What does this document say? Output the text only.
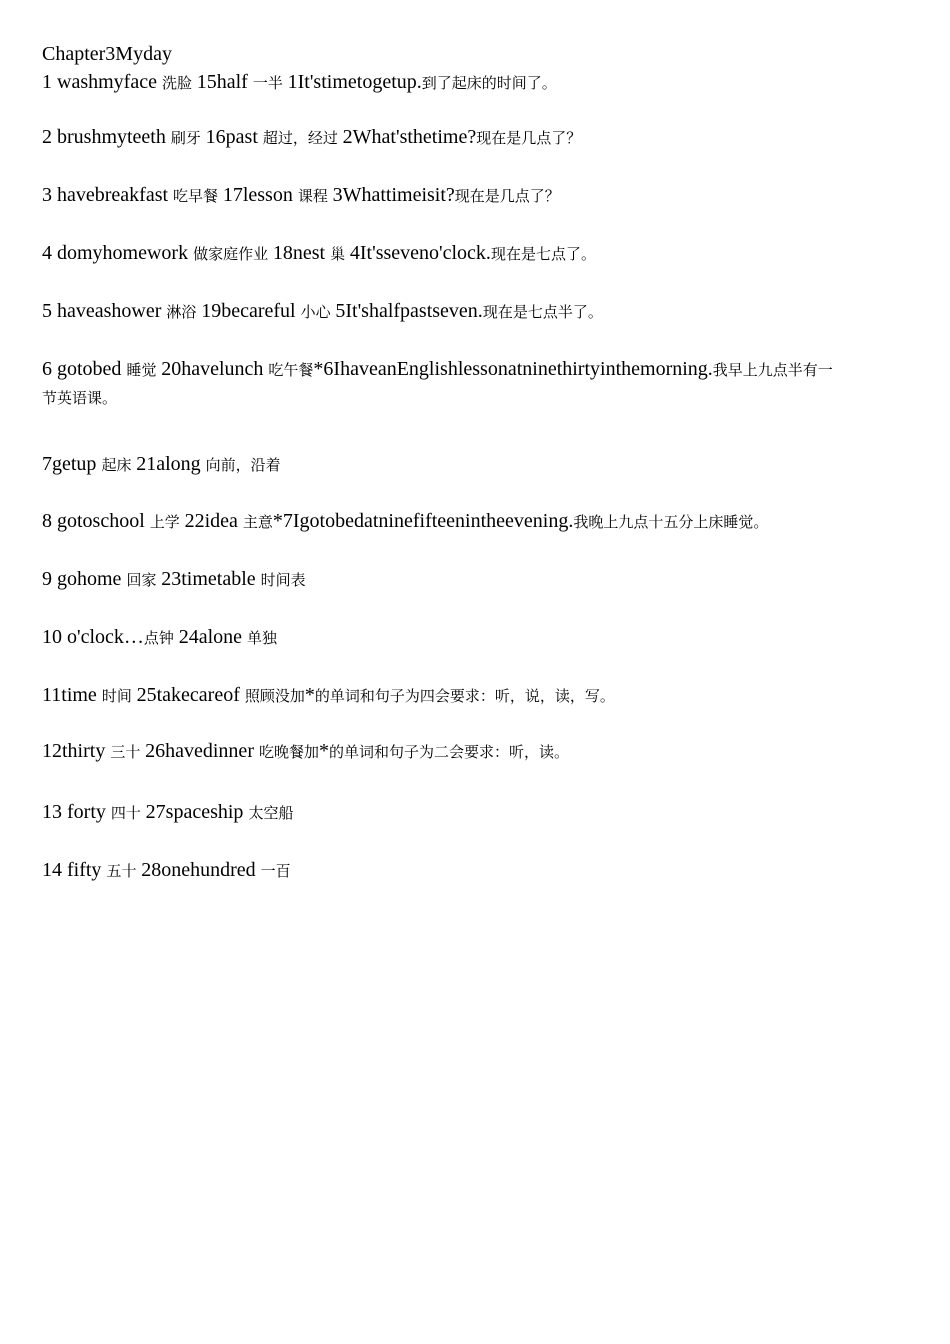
Chapter3Myday

1 washmyface 洗脸 15half 一半 1It'stimetogetup.到了起床的时间了。

2 brushmyteeth 刷牙 16past 超过，经过 2What'sthetime?现在是几点了？

3 havebreakfast 吃早餐 17lesson 课程 3Whattimeisit?现在是几点了？

4 domyhomework 做家庭作业 18nest 巢 4It'sseveno'clock.现在是七点了。

5 haveashower 淋浴 19becareful 小心 5It'shalfpastseven.现在是七点半了。

6 gotobed 睡觉 20havelunch 吃午餐*6IhaveanEnglishlessonatninethirtyinthemorning.我早上九点半有一

节英语课。

7getup 起床 21along 向前，沿着

8 gotoschool 上学 22idea 主意*7Igotobedatninefifteenintheevening.我晚上九点十五分上床睡觉。

9 gohome 回家 23timetable 时间表

10 o'clock…点钟 24alone 单独

11time 时间 25takecareof 照顾没加*的单词和句子为四会要求：听，说，读，写。

12thirty 三十 26havedinner 吃晚餐加*的单词和句子为二会要求：听，读。

13 forty 四十 27spaceship 太空船

14 fifty 五十 28onehundred 一百
